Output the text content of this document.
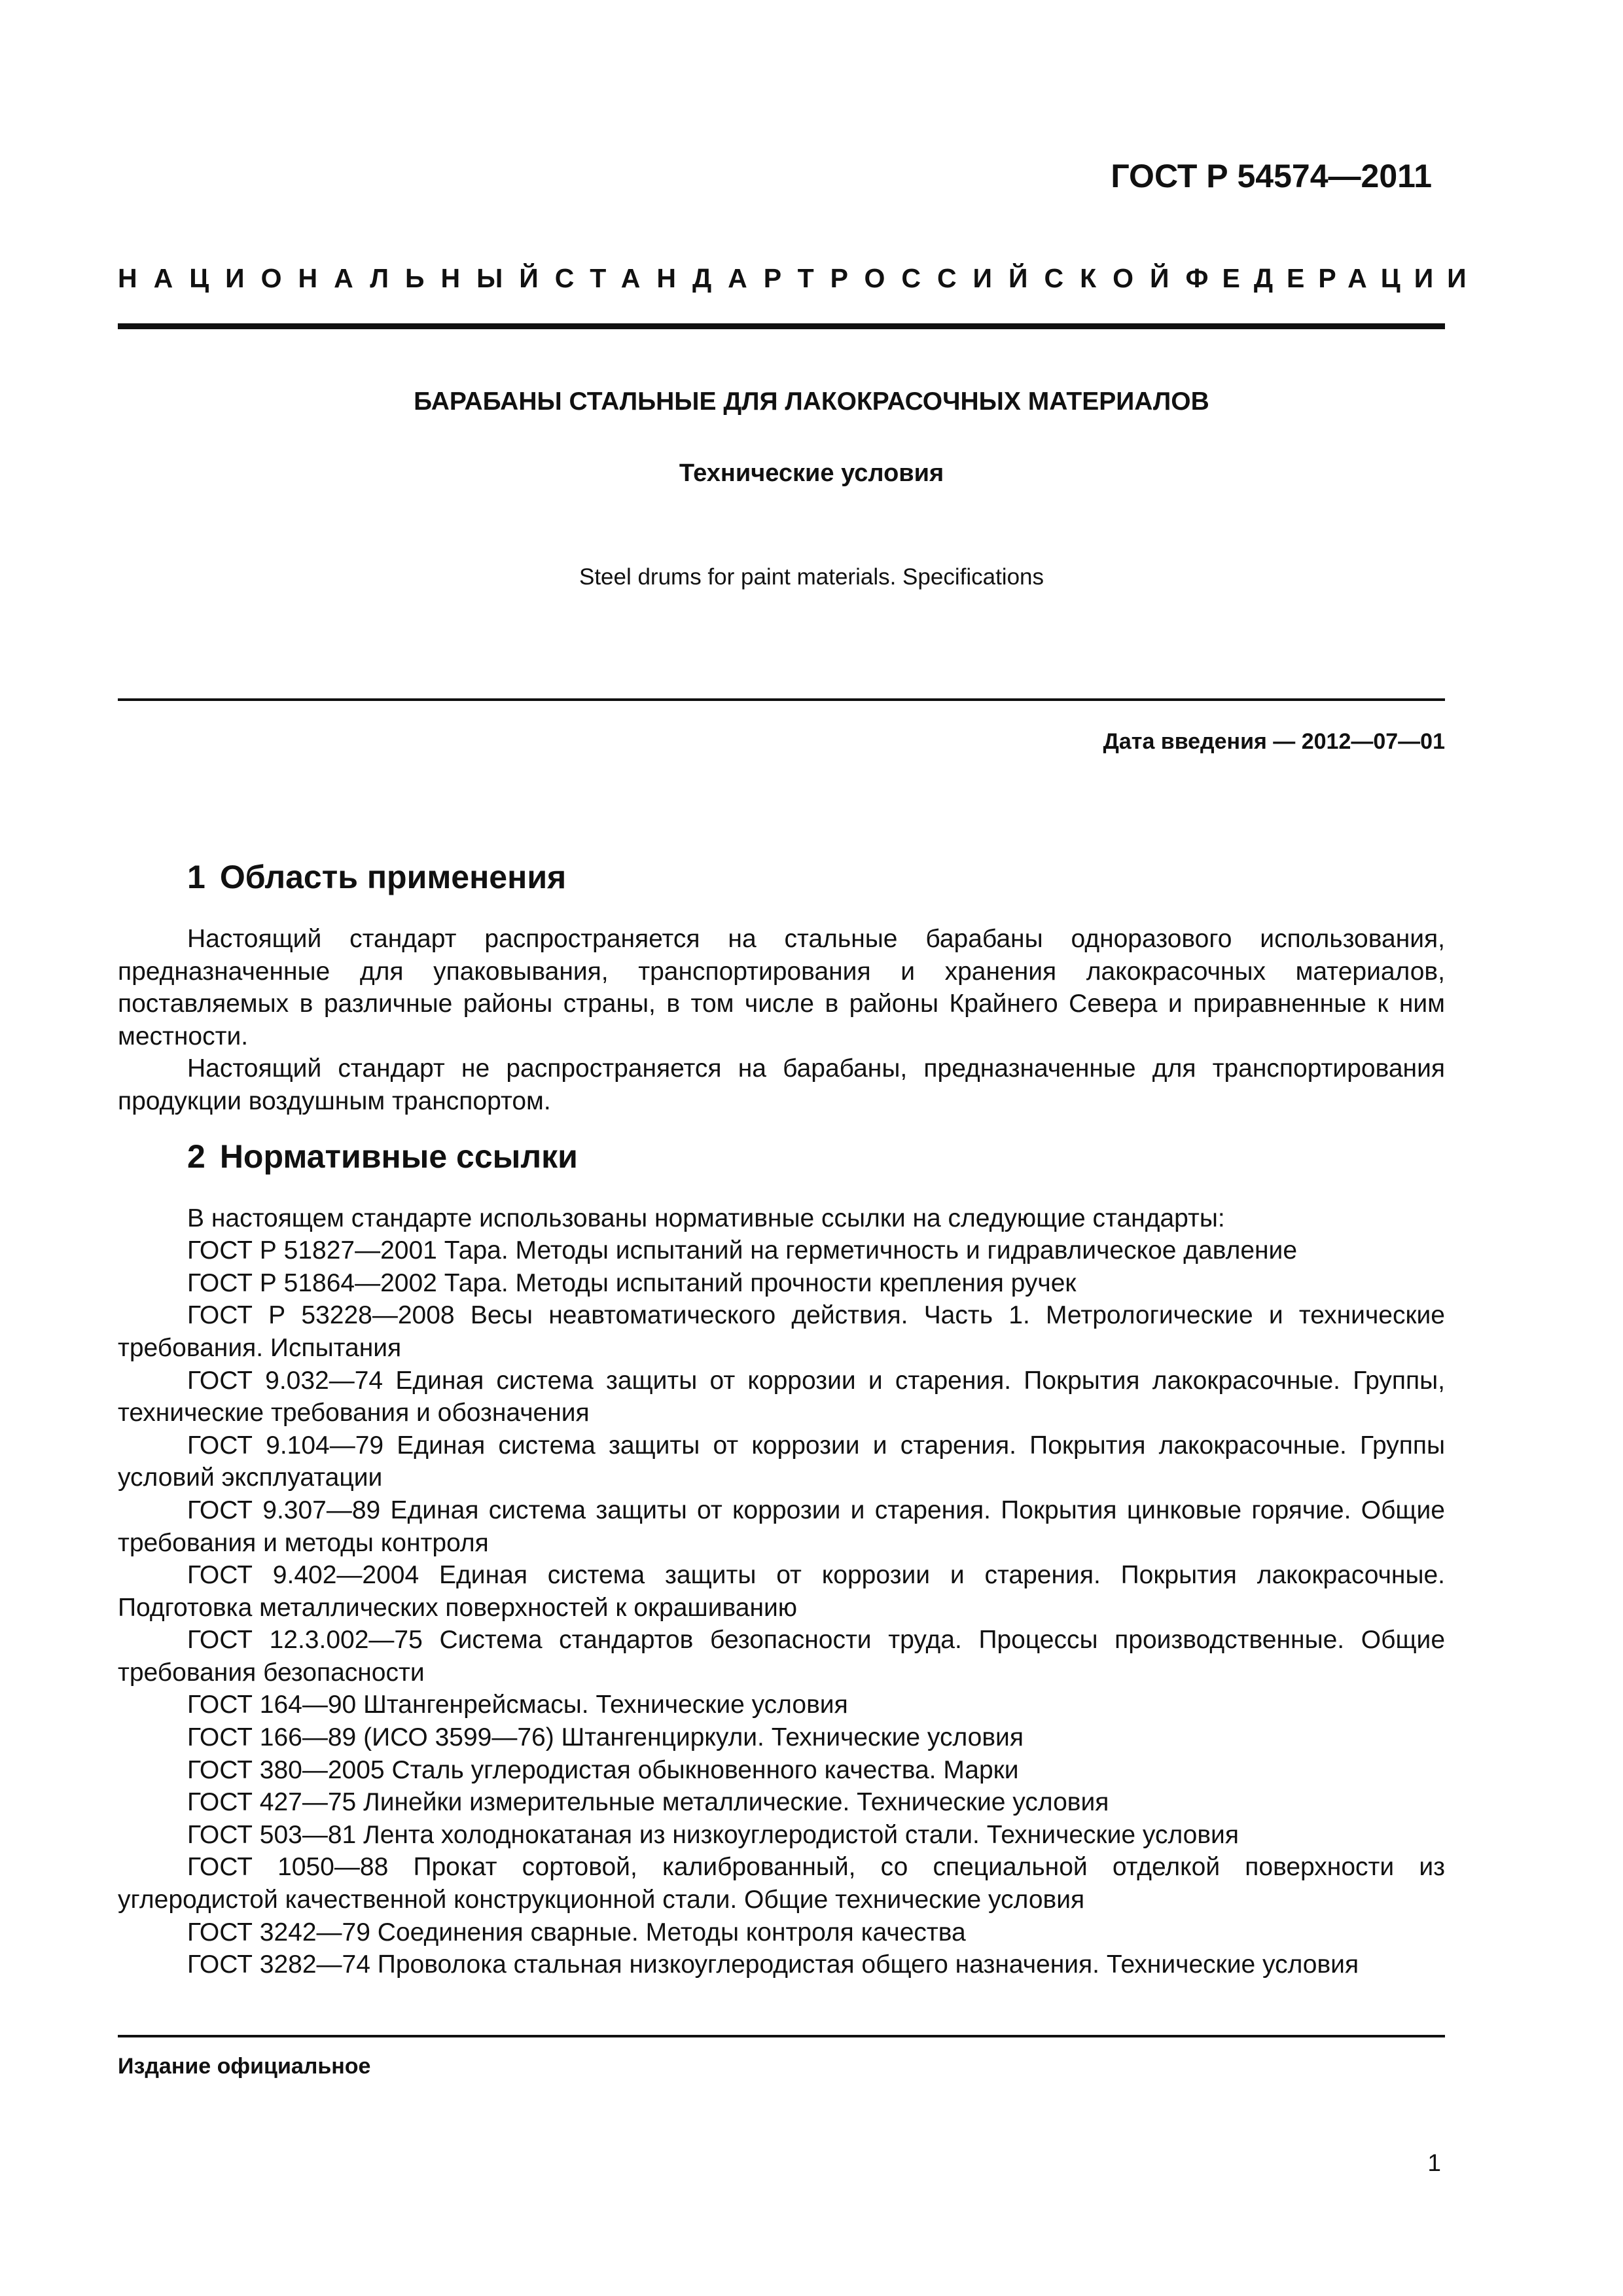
ГОСТ Р 54574—2011
НАЦИОНАЛЬНЫЙ СТАНДАРТ РОССИЙСКОЙ ФЕДЕРАЦИИ
БАРАБАНЫ СТАЛЬНЫЕ ДЛЯ ЛАКОКРАСОЧНЫХ МАТЕРИАЛОВ
Технические условия
Steel drums for paint materials. Specifications
Дата введения — 2012—07—01
1 Область применения

Настоящий стандарт распространяется на стальные барабаны одноразового использования, предназначенные для упаковывания, транспортирования и хранения лакокрасочных материалов, поставляемых в различные районы страны, в том числе в районы Крайнего Севера и приравненные к ним местности.

Настоящий стандарт не распространяется на барабаны, предназначенные для транспортирования продукции воздушным транспортом.

2 Нормативные ссылки

В настоящем стандарте использованы нормативные ссылки на следующие стандарты:

ГОСТ Р 51827—2001 Тара. Методы испытаний на герметичность и гидравлическое давление

ГОСТ Р 51864—2002 Тара. Методы испытаний прочности крепления ручек

ГОСТ Р 53228—2008 Весы неавтоматического действия. Часть 1. Метрологические и технические требования. Испытания

ГОСТ 9.032—74 Единая система защиты от коррозии и старения. Покрытия лакокрасочные. Группы, технические требования и обозначения

ГОСТ 9.104—79 Единая система защиты от коррозии и старения. Покрытия лакокрасочные. Группы условий эксплуатации

ГОСТ 9.307—89 Единая система защиты от коррозии и старения. Покрытия цинковые горячие. Общие требования и методы контроля

ГОСТ 9.402—2004 Единая система защиты от коррозии и старения. Покрытия лакокрасочные. Подготовка металлических поверхностей к окрашиванию

ГОСТ 12.3.002—75 Система стандартов безопасности труда. Процессы производственные. Общие требования безопасности

ГОСТ 164—90 Штангенрейсмасы. Технические условия

ГОСТ 166—89 (ИСО 3599—76) Штангенциркули. Технические условия

ГОСТ 380—2005 Сталь углеродистая обыкновенного качества. Марки

ГОСТ 427—75 Линейки измерительные металлические. Технические условия

ГОСТ 503—81 Лента холоднокатаная из низкоуглеродистой стали. Технические условия

ГОСТ 1050—88 Прокат сортовой, калиброванный, со специальной отделкой поверхности из углеродистой качественной конструкционной стали. Общие технические условия

ГОСТ 3242—79 Соединения сварные. Методы контроля качества

ГОСТ 3282—74 Проволока стальная низкоуглеродистая общего назначения. Технические условия

Издание официальное
1
